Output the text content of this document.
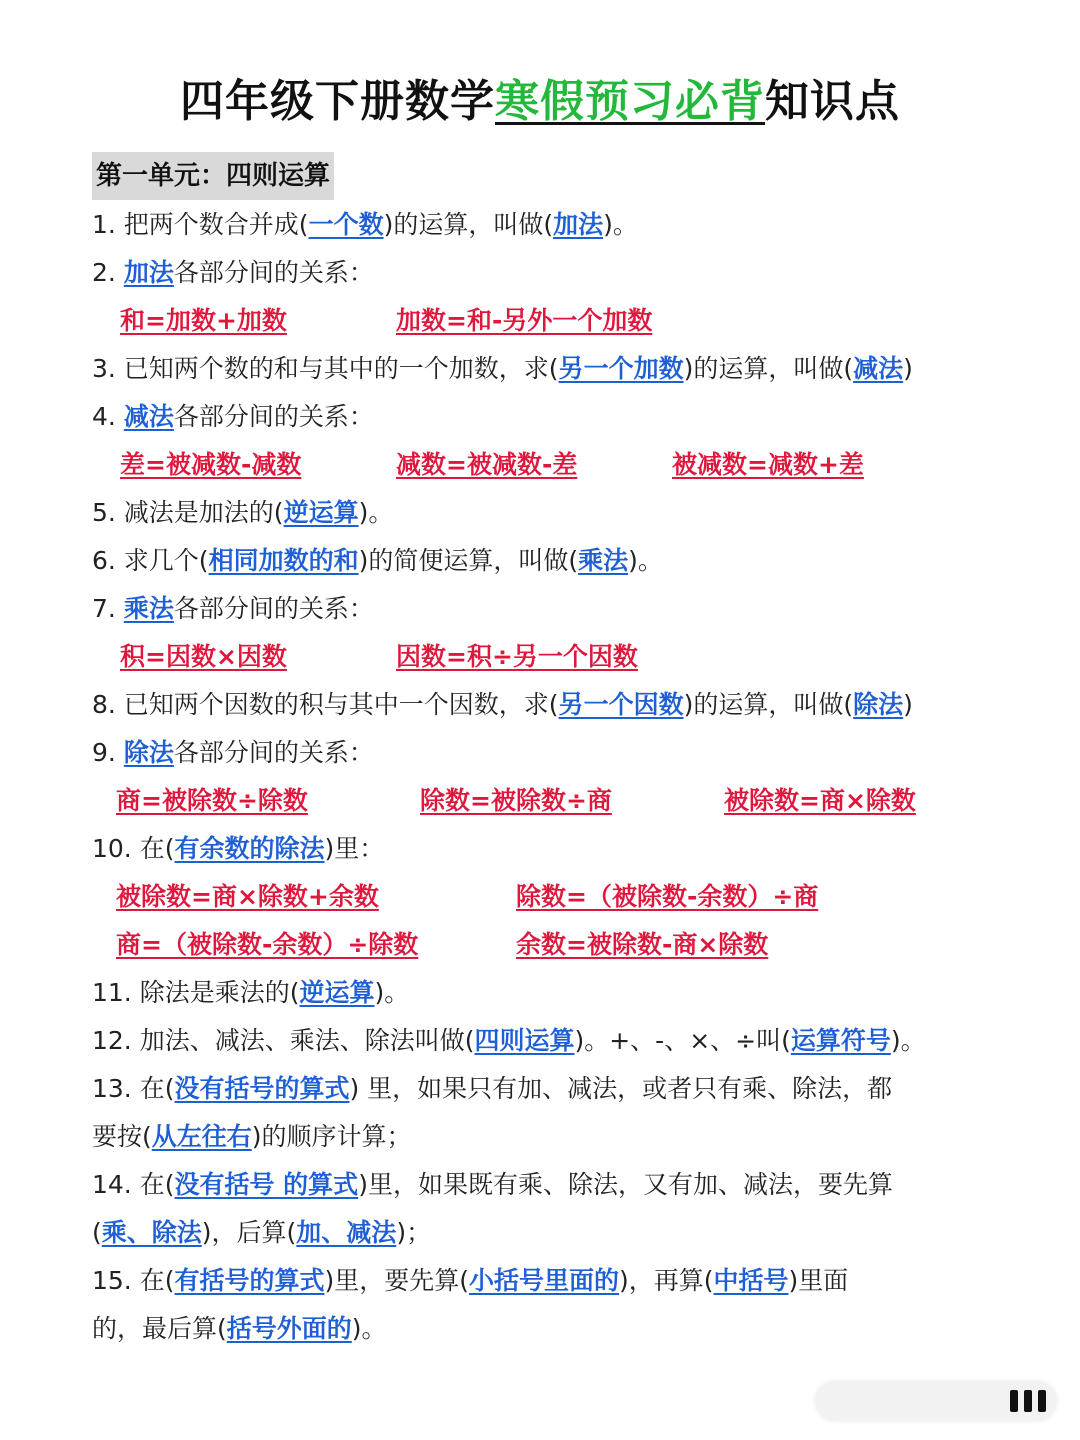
四年级下册数学寒假预习必背知识点
第一单元：四则运算
1. 把两个数合并成(一个数)的运算，叫做(加法)。
2. 加法各部分间的关系：
和=加数+加数	加数=和-另外一个加数
3. 已知两个数的和与其中的一个加数，求(另一个加数)的运算，叫做(减法)
4. 减法各部分间的关系：
差=被减数-减数	减数=被减数-差	被减数=减数+差
5. 减法是加法的(逆运算)。
6. 求几个(相同加数的和)的简便运算，叫做(乘法)。
7. 乘法各部分间的关系：
积=因数×因数	因数=积÷另一个因数
8. 已知两个因数的积与其中一个因数，求(另一个因数)的运算，叫做(除法)
9. 除法各部分间的关系：
商=被除数÷除数	除数=被除数÷商	被除数=商×除数
10. 在(有余数的除法)里：
被除数=商×除数+余数	除数=（被除数-余数）÷商
商=（被除数-余数）÷除数	余数=被除数-商×除数
11. 除法是乘法的(逆运算)。
12. 加法、减法、乘法、除法叫做(四则运算)。+、-、×、÷叫(运算符号)。
13. 在(没有括号的算式) 里，如果只有加、减法，或者只有乘、除法，都
要按(从左往右)的顺序计算；
14. 在(没有括号 的算式)里，如果既有乘、除法，又有加、减法，要先算
(乘、除法)，后算(加、减法)；
15. 在(有括号的算式)里，要先算(小括号里面的)，再算(中括号)里面
的，最后算(括号外面的)。
